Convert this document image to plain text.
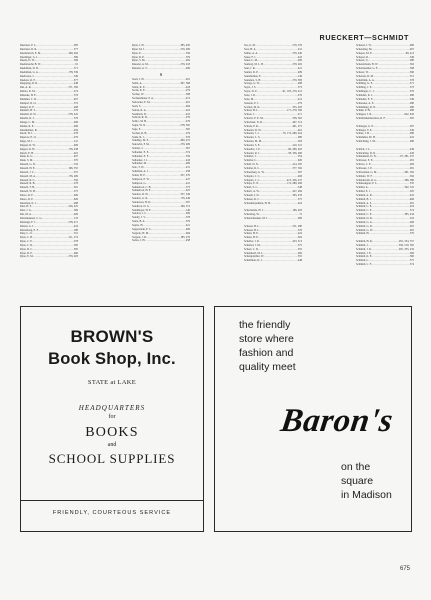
RUECKERT—SCHMIDT
Rueckert, P. L. .....	385
Rueckert, R. R. .....	377
Ruedebusch, E. M. .....	199, 404
Ruedinger, G. J. .....	369
Ruedy, D. W. .....	506
Ruehlesache B. W. .....	91
Ruehlman, D. D. .....	571
Ruehlman, G. A. .....	178, 339
Ruelicena, J. .....	349
Ruelens, R. F. .....	377
Ruepping, R. R. .....	448
Ruf, A. R. .....	371, 582
Rufalo, R. M. .....	274
Rufenke, H. E. .....	376
Rummer, C. D. .....	407
Rumpel, D. O. .....	372
Rumpf, R. F. .....	408
Rundell, H. T. .....	376
Rundell, R. W. .....	278, 422
Rundle, R. J. .....	379
Runge, C. M. .....	409
Runke, R. E. .....	409
Runzheimer, R. .....	459
Ruoff, H. J. .....	278
Rupnow, E. O. .....	276
Rupp, M. J. .....	411
Ruppel, R. W. .....	409
Rupprt, K. H. .....	176, 438
Rusch, E. H. .....	401
Rusk, K. G. .....	407
Rusk, S. M. .....	570
Russell, G. D. .....	532
Russell, H. E. .....	166, 355
Russell, J. C. .....	357
Russell, M. A. .....	176, 409
Russell, R. C. .....	356
Russell, R. B. .....	278
Russell, T. H. .....	361
Russell, W. H. .....	375
Russo, R. F. .....	409
Russo, R. P. .....	629
Russman, K. J. .....	468
Rust, B. P. .....	416, 425
Rust, J. A. .....	569
Rut, M. A. .....	409
Ruttenkausen, C. G. .....	133
Rutledge, F. J. .....	278, 471
Rutten, G. J. .....	416
Ruttenberg, E. F. .....	180
Ruty, L. O. .....	331
Ryan, C. B. .....	211, 274
Ryan, C. E. .....	378
Ryan, C. R. .....	595
Ryan, D. C. .....	595
Ryan, D. P. .....	460
Ryan, E. M. .....	279, 403
Ryan, J. H. .....	385, 450
Ryan, M. J. .....	279, 409
Ryan, P. .....	356
Ryan, R. P. .....	379
Ryan, S. M. .....	402
Rzeszut, A. M. .....	279, 418
Rzeszut, A. V. .....	409
S
Saari, J. H. .....	401
Sabin, A. .....	367, 368
Sabin, R. P. .....	418
Sachs, K. E. .....	279
Sachse, W. .....	598
Sachsenmaier, P. A. .....	472
Sadowski, E. M. .....	401
Saeli, S. .....	484
Safran, R. A. .....	422
Saemisch, D. .....	410
Safford, R. D. .....	279
Saffro, M. H. .....	279
Sagal, W. N. .....	278, 565
Sage, F. .....	565
Sachen, R. B. .....	279
Saide, R. J. .....	376
Saindley, M. P. .....	400, 472
Sakowitz, P. M. .....	279, 409
Salazar, J. .....	567
Sallander, E. E. .....	374
Sallander, E. F. .....	359
Sallander, J. J. .....	443
Sallander, M. .....	409
Salo, T. W. .....	431
Saltzman, A. J. .....	258
Salzer, B. F. .....	337, 279
Sampson, E. W. .....	427
Sampson, G. .....	441
Samuelson, C. B. .....	373
Samuelson, H. F. .....	425
Sanders, D. H. .....	337, 349
Sanders, G. R. .....	176, 449
Sanderson, H. D. .....	307
Sandison, D. G. .....	199, 374
Sandmeyer, H. F. .....	140
Sandow, J. L. .....	409
Sandry, J. V. .....	378
Santa, B. A. .....	376
Sapiro, H. .....	421
Sapperstein, F. C. .....	409
Sargado, H. M. .....	484
Sargent, J. R. .....	185, 279
Sarles, J. H. .....	458
Sas, G. M. .....	279, 376
Sass, H. A. .....	431
Sather, A. A. .....	370, 440
Sauer, F. J. .....	410
Sauer, L. M. .....	200
Sauberg, M. L. B. .....	279, 402
Saul, J. R. .....	421
Saulter, R. P. .....	409
Saunderman, F. .....	149
Saunders, S. H. .....	279, 383
Savage, G. W. .....	408
Sayrs, J. S. .....	373
Sayre, D. P. .....	91, 103, 279, 412
Saxe, J. R. .....	279
Saxe, M. .....	412
Saxenia, P. J. .....	279
Scallon, M. K. .....	355, 403
Schaaf, H. L. .....	171, 279, 500
Schaal, J. .....	471
Schacht, E. E. M. .....	358, 565
Schachner, N. D. .....	467, 513
Schade, P. R. .....	401, 475
Schaefer, D. W. .....	401
Schaefer, J. J. .....	76, 174, 280, 424
Schaefer, L. S. .....	280
Schaefer, M. M. .....	563
Schaefer, S. E. .....	410, 521
Schaeffer, J. E. .....	66, 280, 403
Schaefer, R. J. .....	58, 356, 490
Schaffer, J. .....	354
Schaffer, L. .....	620
Schaff, D. N. .....	414, 505
Schaller, R. L. .....	377, 392
Schaenberg, G. W. .....	397
Schapiro, J. C. .....	406
Schapiro, J. C. .....	413, 436, 437
Schaps, E. N. .....	174, 280, 406
Scharf, S. C. .....	348
Scharlt, A. W. .....	427, 484
Schaudt, I. D. .....	365, 433
Schauer, R. C. .....	375
Schaumlopulmen, H. H. .....	422
Scheckenda, H. J. .....	166, 403
Schearing, W. .....	72
Scheteralieuker, M. J. .....	280
Scheuer, B. L. .....	531, 280
Scheuer, B. L. .....	376
Schein, H. E. .....	422
Schein, H. E. .....	362
Scheffer, J. R. .....	423, 513
Scheibel, J. M. .....	375
Scheel, C. D. .....	355
Scheinkoff, M. L. .....	482
Schelupfeiffer, W. .....	355
Scheffman, D. J. .....	448
Schenel, J. W. .....	280
Schenning, M. .....	467
Scheper, M. E. .....	69, 413
Scheper, R. .....	349
Scherer, U. .....	280
Scherermann, B. W. .....	562
Scherineulder, G. F. .....	568
Scherer, W. .....	390
Schersen, D. M. .....	351
Scheffinlk, A. A. .....	376
Schilling, G. E. .....	371
Schilling, J. P. .....	373
Schillinger, C. J. .....	376
Schindler, K. J. .....	280
Schindler, E. F. .....	349
Schnesner, A. E. .....	280
Schimming, R. N. .....	280
Schink, P. H. .....	280
Schipper, J. R. .....	642, 643
Schirmleheimurslare, R. F. .....	565
Schlaeger, G. E. .....	367
Schlager, V. E. .....	349
Schlee, J. B. .....	280
Schlehmer, M. H. .....	410
Schlichting, J. M. .....	280
Schlick, J. L. .....	436
Schlickting, D. R. .....	436
Schliemann, D. N. .....	67, 281, 437
Schlosser, E. E. .....	281
Schloss, C. F. .....	482
Schlosser, J. P. .....	281
Schlossman, G. M. .....	281, 392
Schmalz, W. F. .....	392
Schmalzrath, R. G. .....	366, 380
Schmeekpper, P. L. .....	335
Schmid, A. .....	562, 510
Schmid, E. J. .....	505
Schmidt, A. R. .....	410
Schmidt, B. J. .....	466
Schmidt, A. S. .....	281
Schmidt, C. E. .....	416
Schmidt, C. F. .....	374
Schmidt, C. P. .....	385, 434
Schmidt, D. R. .....	516
Schmidt, G. A. .....	496
Schmidt, G. R. .....	281
Schmidt, G. W. .....	281
Schmidt, H. .....	570
Schmidt, H. R. .....	281, 354, 557
Schmidt, J. .....	356, 510, 565
Schmidt, J. R. .....	281, 355, 432
Schmidt, J. E. .....	560
Schmidt, K. E. .....	560
Schmidt, L. .....	575
Schmidt, L. F. .....	574
BROWN'S
Book Shop, Inc.
STATE at LAKE
HEADQUARTERS
for
BOOKS
and
SCHOOL SUPPLIES
FRIENDLY, COURTEOUS SERVICE
the friendly
store where
fashion and
quality meet
Baron's
on the
square
in Madison
675
